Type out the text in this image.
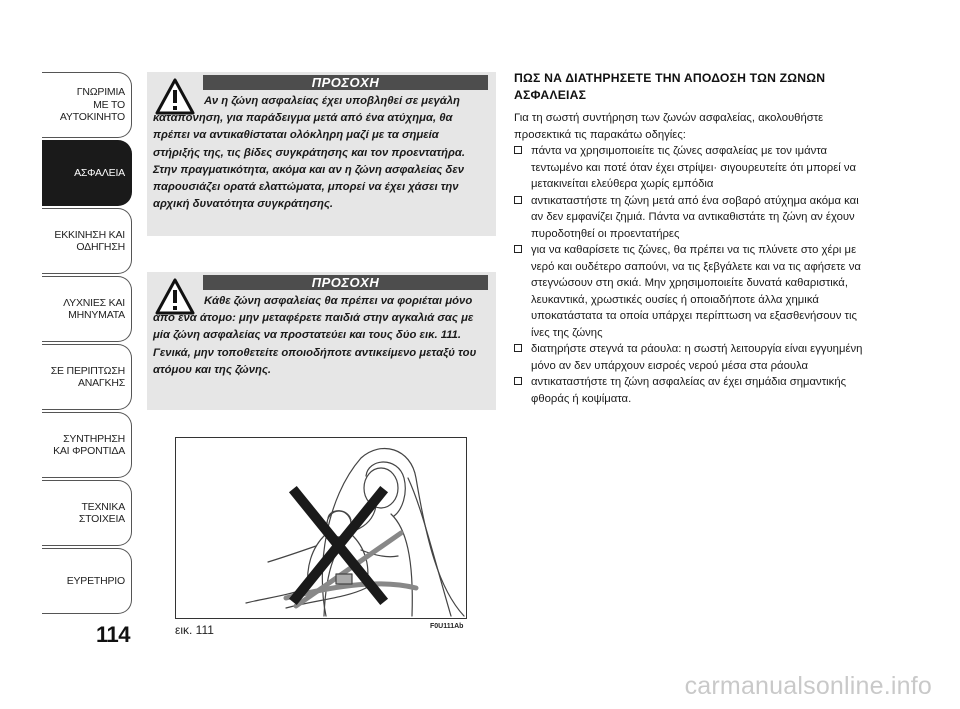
ΓΝΩΡΙΜΙΑ
ΜΕ ΤΟ
ΑΥΤΟΚΙΝΗΤΟ
ΑΣΦΑΛΕΙΑ
ΕΚΚΙΝΗΣΗ ΚΑΙ
ΟΔΗΓΗΣΗ
ΛΥΧΝΙΕΣ ΚΑΙ
ΜΗΝΥΜΑΤΑ
ΣΕ ΠΕΡΙΠΤΩΣΗ
ΑΝΑΓΚΗΣ
ΣΥΝΤΗΡΗΣΗ
ΚΑΙ ΦΡΟΝΤΙΔΑ
ΤΕΧΝΙΚΑ
ΣΤΟΙΧΕΙΑ
ΕΥΡΕΤΗΡΙΟ
114
ΠΡΟΣΟΧΗ
Αν η ζώνη ασφαλείας έχει υποβληθεί σε μεγάλη καταπόνηση, για παράδειγμα μετά από ένα ατύχημα, θα πρέπει να αντικαθίσταται ολόκληρη μαζί με τα σημεία στήριξής της, τις βίδες συγκράτησης και τον προεντατήρα. Στην πραγματικότητα, ακόμα και αν η ζώνη ασφαλείας δεν παρουσιάζει ορατά ελαττώματα, μπορεί να έχει χάσει την αρχική δυνατότητα συγκράτησης.
ΠΡΟΣΟΧΗ
Κάθε ζώνη ασφαλείας θα πρέπει να φοριέται μόνο από ένα άτομο: μην μεταφέρετε παιδιά στην αγκαλιά σας με μία ζώνη ασφαλείας να προστατεύει και τους δύο εικ. 111. Γενικά, μην τοποθετείτε οποιοδήποτε αντικείμενο μεταξύ του ατόμου και της ζώνης.
εικ. 111	F0U111Ab
ΠΩΣ ΝΑ ΔΙΑΤΗΡΗΣΕΤΕ ΤΗΝ ΑΠΟΔΟΣΗ ΤΩΝ ΖΩΝΩΝ ΑΣΦΑΛΕΙΑΣ
Για τη σωστή συντήρηση των ζωνών ασφαλείας, ακολουθήστε προσεκτικά τις παρακάτω οδηγίες:
πάντα να χρησιμοποιείτε τις ζώνες ασφαλείας με τον ιμάντα τεντωμένο και ποτέ όταν έχει στρίψει· σιγουρευτείτε ότι μπορεί να μετακινείται ελεύθερα χωρίς εμπόδια
αντικαταστήστε τη ζώνη μετά από ένα σοβαρό ατύχημα ακόμα και αν δεν εμφανίζει ζημιά. Πάντα να αντικαθιστάτε τη ζώνη αν έχουν πυροδοτηθεί οι προεντατήρες
για να καθαρίσετε τις ζώνες, θα πρέπει να τις πλύνετε στο χέρι με νερό και ουδέτερο σαπούνι, να τις ξεβγάλετε και να τις αφήσετε να στεγνώσουν στη σκιά. Μην χρησιμοποιείτε δυνατά καθαριστικά, λευκαντικά, χρωστικές ουσίες ή οποιαδήποτε άλλα χημικά υποκατάστατα τα οποία υπάρχει περίπτωση να εξασθενήσουν τις ίνες της ζώνης
διατηρήστε στεγνά τα ράουλα: η σωστή λειτουργία είναι εγγυημένη μόνο αν δεν υπάρχουν εισροές νερού μέσα στα ράουλα
αντικαταστήστε τη ζώνη ασφαλείας αν έχει σημάδια σημαντικής φθοράς ή κοψίματα.
carmanualsonline.info
